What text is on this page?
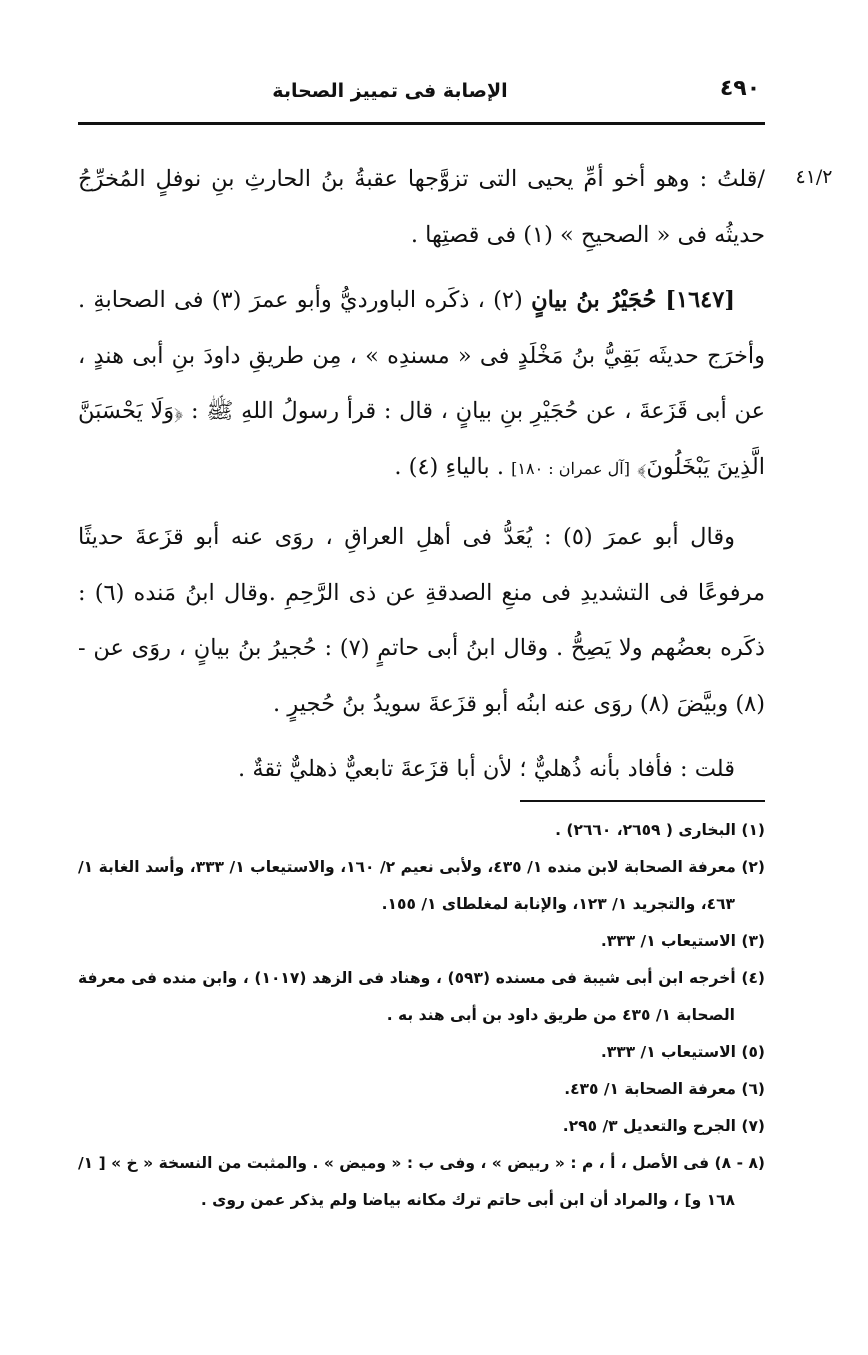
الإصابة فى تمييز الصحابة	٤٩٠
٤١/٢

/قلتُ : وهو أخو أمِّ يحيى التى تزوَّجها عقبةُ بنُ الحارثِ بنِ نوفلٍ المُخرِّجُ حديثُه فى « الصحيحِ » (١) فى قصتِها .

[١٦٤٧] حُجَيْرُ بنُ بيانٍ (٢) ، ذكَره الباورديُّ وأبو عمرَ (٣) فى الصحابةِ . وأخرَج حديثَه بَقِيُّ بنُ مَخْلَدٍ فى « مسندِه » ، مِن طريقِ داودَ بنِ أبى هندٍ ، عن أبى قَزَعةَ ، عن حُجَيْرِ بنِ بيانٍ ، قال : قرأ رسولُ اللهِ ﷺ : ﴿وَلَا يَحْسَبَنَّ الَّذِينَ يَبْخَلُونَ﴾ [آل عمران : ١٨٠] . بالياءِ (٤) .

وقال أبو عمرَ (٥) : يُعَدُّ فى أهلِ العراقِ ، روَى عنه أبو قزَعةَ حديثًا مرفوعًا فى التشديدِ فى منعِ الصدقةِ عن ذى الرَّحِمِ .وقال ابنُ مَنده (٦) : ذكَره بعضُهم ولا يَصِحُّ . وقال ابنُ أبى حاتمٍ (٧) : حُجيرُ بنُ بيانٍ ، روَى عن - (٨) وبيَّضَ (٨) روَى عنه ابنُه أبو قزَعةَ سويدُ بنُ حُجيرٍ .

قلت : فأفاد بأنه ذُهليٌّ ؛ لأن أبا قزَعةَ تابعيٌّ ذهليٌّ ثقةٌ .

(١) البخارى ( ٢٦٥٩، ٢٦٦٠) .

(٢) معرفة الصحابة لابن منده ١/ ٤٣٥، ولأبى نعيم ٢/ ١٦٠، والاستيعاب ١/ ٣٣٣، وأسد الغابة ١/ ٤٦٣، والتجريد ١/ ١٢٣، والإنابة لمغلطاى ١/ ١٥٥.

(٣) الاستيعاب ١/ ٣٣٣.

(٤) أخرجه ابن أبى شيبة فى مسنده (٥٩٣) ، وهناد فى الزهد (١٠١٧) ، وابن منده فى معرفة الصحابة ١/ ٤٣٥ من طريق داود بن أبى هند به .

(٥) الاستيعاب ١/ ٣٣٣.

(٦) معرفة الصحابة ١/ ٤٣٥.

(٧) الجرح والتعديل ٣/ ٢٩٥.

(٨ - ٨) فى الأصل ، أ ، م : « ربيض » ، وفى ب : « وميض » . والمثبت من النسخة « خ » [ ١/ ١٦٨ و] ، والمراد أن ابن أبى حاتم ترك مكانه بياضا ولم يذكر عمن روى .
